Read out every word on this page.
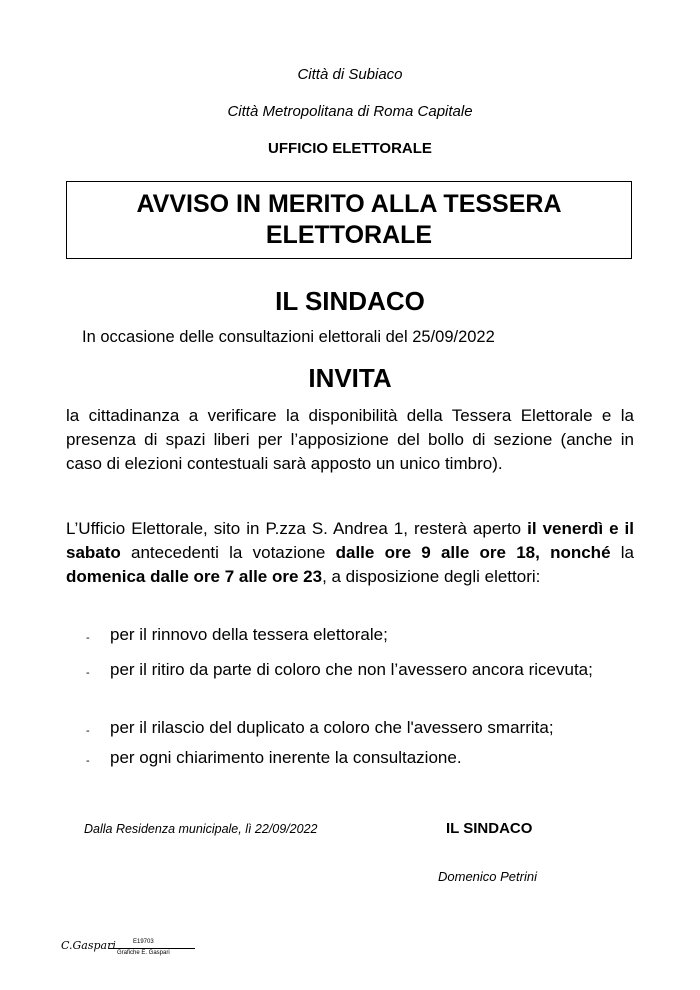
Città di Subiaco
Città Metropolitana di Roma Capitale
UFFICIO ELETTORALE
AVVISO IN MERITO ALLA TESSERA
ELETTORALE
IL SINDACO
In occasione delle consultazioni elettorali del 25/09/2022
INVITA

la cittadinanza a verificare la disponibilità della Tessera Elettorale e la presenza di spazi liberi per l’apposizione del bollo di sezione (anche in caso di elezioni contestuali sarà apposto un unico timbro).

L’Ufficio Elettorale, sito in P.zza S. Andrea 1, resterà aperto il venerdì e il sabato antecedenti la votazione dalle ore 9 alle ore 18, nonché la domenica dalle ore 7 alle ore 23, a disposizione degli elettori:

-	per il rinnovo della tessera elettorale;
-	per il ritiro da parte di coloro che non l’avessero ancora ricevuta;
-	per il rilascio del duplicato a coloro che l'avessero smarrita;
-	per ogni chiarimento inerente la consultazione.
Dalla Residenza municipale, lì 22/09/2022	IL SINDACO
Domenico Petrini
C.Gaspari	E19703
Grafiche E. Gaspari
